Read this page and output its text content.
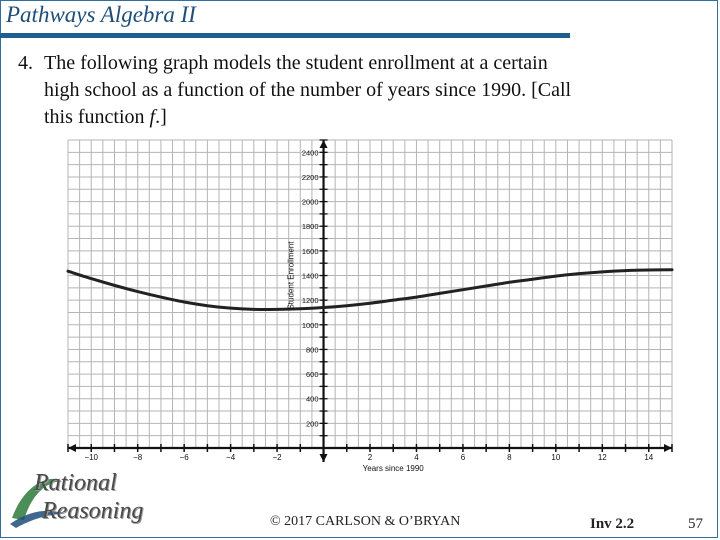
Pathways Algebra II
4. The following graph models the student enrollment at a certain
high school as a function of the number of years since 1990. [Call
this function f.]
−10	−8	−6	−4	−2	2	4	6	8	10	12	14
200
400
600
800
1000
1200
1400
1600
1800
2000
2200
2400
Student Enrollment
Years since 1990
Rational
Reasoning	© 2017 CARLSON & O’BRYAN	Inv 2.2	57
